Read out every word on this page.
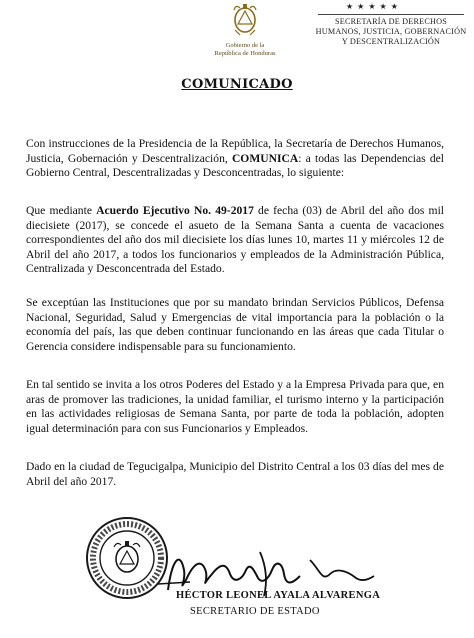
Gobierno de la
República de Honduras
★★★★★
SECRETARÍA DE DERECHOS
HUMANOS, JUSTICIA, GOBERNACIÓN
Y DESCENTRALIZACIÓN
COMUNICADO
Con instrucciones de la Presidencia de la República, la Secretaría de Derechos Humanos, Justicia, Gobernación y Descentralización, COMUNICA: a todas las Dependencias del Gobierno Central, Descentralizadas y Desconcentradas, lo siguiente:
Que mediante Acuerdo Ejecutivo No. 49-2017 de fecha (03) de Abril del año dos mil diecisiete (2017), se concede el asueto de la Semana Santa a cuenta de vacaciones correspondientes del año dos mil diecisiete los días lunes 10, martes 11 y miércoles 12 de Abril del año 2017, a todos los funcionarios y empleados de la Administración Pública, Centralizada y Desconcentrada del Estado.
Se exceptúan las Instituciones que por su mandato brindan Servicios Públicos, Defensa Nacional, Seguridad, Salud y Emergencias de vital importancia para la población o la economía del país, las que deben continuar funcionando en las áreas que cada Titular o Gerencia considere indispensable para su funcionamiento.
En tal sentido se invita a los otros Poderes del Estado y a la Empresa Privada para que, en aras de promover las tradiciones, la unidad familiar, el turismo interno y la participación en las actividades religiosas de Semana Santa, por parte de toda la población, adopten igual determinación para con sus Funcionarios y Empleados.
Dado en la ciudad de Tegucigalpa, Municipio del Distrito Central a los 03 días del mes de Abril del año 2017.
HÉCTOR LEONEL AYALA ALVARENGA
SECRETARIO DE ESTADO
